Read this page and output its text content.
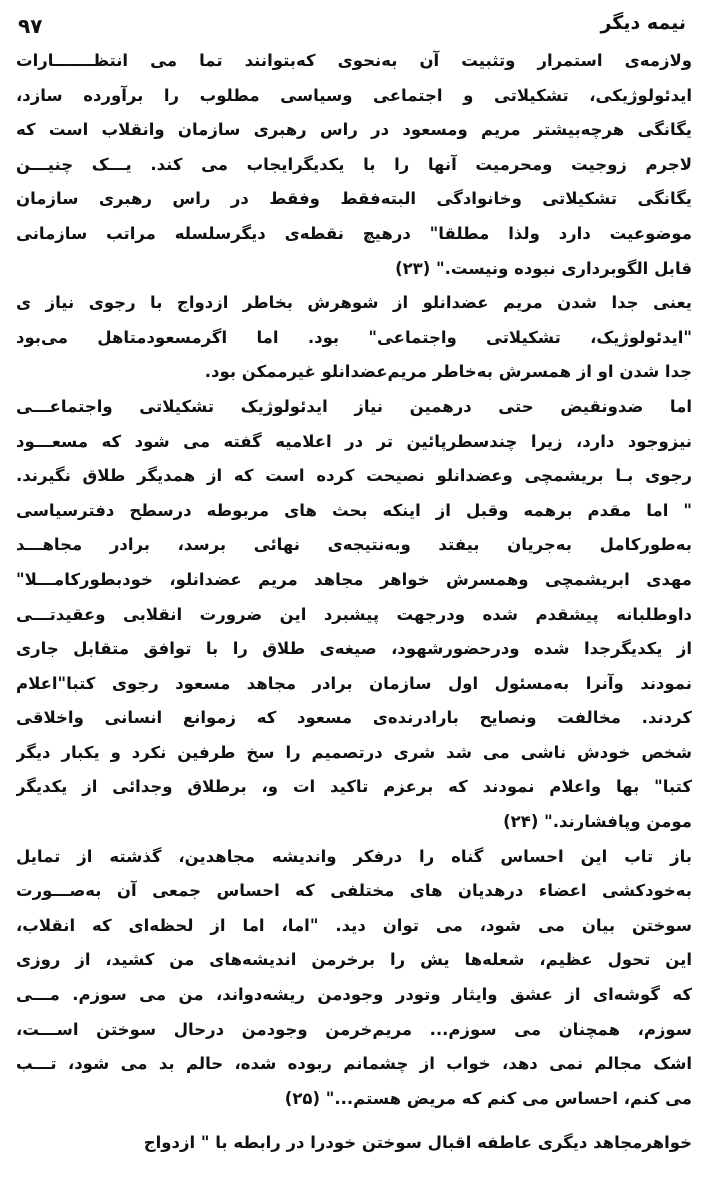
۹۷	نیمه دیگر
ولازمه‌ی استمرار وتثبیت آن به‌نحوی که‌بتوانند تما می انتظـــــــارات
ایدئولوژیکی، تشکیلاتی و اجتماعی وسیاسی مطلوب را برآورده سازد،
یگانگی هرچه‌بیشتر مریم ومسعود در راس رهبری سازمان وانقلاب است که
لاجرم زوجیت ومحرمیت آنها را با یکدیگرایجاب می کند. یـــک چنیـــن
یگانگی تشکیلاتی وخانوادگی البته‌فقط وفقط در راس رهبری سازمان
موضوعیت دارد ولذا مطلقا" درهیچ نقطه‌ی دیگرسلسله مراتب سازمانی
قابل الگوبرداری نبوده ونیست." (۲۳)
یعنی جدا شدن مریم عضدانلو از شوهرش بخاطر ازدواج با رجوی نیاز ی
"ایدئولوژیک، تشکیلاتی واجتماعی" بود. اما اگرمسعودمتاهل می‌بود
جدا شدن او از همسرش به‌خاطر مریم‌عضدانلو غیرممکن بود.
اما ضدونقیض حتی درهمین نیاز ایدئولوژیک تشکیلاتی واجتماعـــی
نیزوجود دارد، زیرا چندسطرپائین تر در اعلامیه گفته می شود که مسعـــود
رجوی بـا بریشمچی وعضدانلو نصیحت کرده است که از همدیگر طلاق نگیرند.
" اما مقدم برهمه وقبل از اینکه بحث های مربوطه درسطح دفترسیاسی
به‌طورکامل به‌جریان بیفتد وبه‌نتیجه‌ی نهائی برسد، برادر مجاهـــد
مهدی ابریشمچی وهمسرش خواهر مجاهد مریم عضدانلو، خودبطورکامـــلا"
داوطلبانه پیشقدم شده ودرجهت پیشبرد این ضرورت انقلابی وعقیدتـــی
از یکدیگرجدا شده ودرحضورشهود، صیغه‌ی طلاق را با توافق متقابل جاری
نمودند وآنرا به‌مسئول اول سازمان برادر مجاهد مسعود رجوی کتبا"اعلام
کردند. مخالفت ونصایح بارادرنده‌ی مسعود که زموانع انسانی واخلاقی
شخص خودش ناشی می شد شری درتصمیم را سخ طرفین نکرد و یکبار دیگر
کتبا" بها واعلام نمودند که برعزم تاکید ات و، برطلاق وجدائی از یکدیگر
مومن وپافشارند." (۲۴)
باز تاب این احساس گناه را درفکر واندیشه مجاهدین، گذشته از تمایل
به‌خودکشی اعضاء درهدیان های مختلفی که احساس جمعی آن به‌صـــورت
سوختن بیان می شود، می توان دید. "اما، اما از لحظه‌ای که انقلاب،
این تحول عظیم، شعله‌ها یش را برخرمن اندیشه‌های من کشید، از روزی
که گوشه‌ای از عشق وایثار وتودر وجودمن ریشه‌دواند، من می سوزم. مـــی
سوزم، همچنان می سوزم... مریم‌خرمن وجودمن درحال سوختن اســـت،
اشک مجالم نمی دهد، خواب از چشمانم ربوده شده، حالم بد می شود، تـــب
می کنم، احساس می کنم که مریض هستم..." (۲۵)
خواهرمجاهد دیگری عاطفه اقبال سوختن خودرا در رابطه با " ازدواج
